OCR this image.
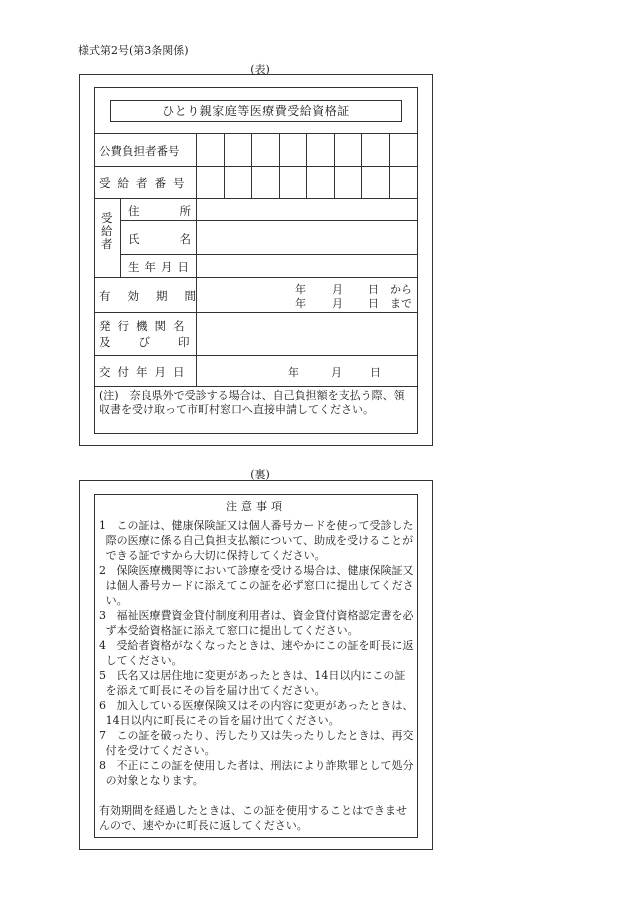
様式第2号(第3条関係)
(表)
ひとり親家庭等医療費受給資格証
公費負担者番号
受給者番号
受給者
住所
氏名
生年月日
有効期間
発行機関名
及び印
交付年月日
年 月 日 から
年 月 日 まで
年	月	日
(注)　奈良県外で受診する場合は、自己負担額を支払う際、領収書を受け取って市町村窓口へ直接申請してください。
(裏)
注意事項

1 この証は、健康保険証又は個人番号カードを使って受診した際の医療に係る自己負担支払額について、助成を受けることができる証ですから大切に保持してください。

2 保険医療機関等において診療を受ける場合は、健康保険証又は個人番号カードに添えてこの証を必ず窓口に提出してください。

3 福祉医療費資金貸付制度利用者は、資金貸付資格認定書を必ず本受給資格証に添えて窓口に提出してください。

4 受給者資格がなくなったときは、速やかにこの証を町長に返してください。

5 氏名又は居住地に変更があったときは、14日以内にこの証を添えて町長にその旨を届け出てください。

6 加入している医療保険又はその内容に変更があったときは、14日以内に町長にその旨を届け出てください。

7 この証を破ったり、汚したり又は失ったりしたときは、再交付を受けてください。

8 不正にこの証を使用した者は、刑法により詐欺罪として処分の対象となります。

有効期間を経過したときは、この証を使用することはできませんので、速やかに町長に返してください。
